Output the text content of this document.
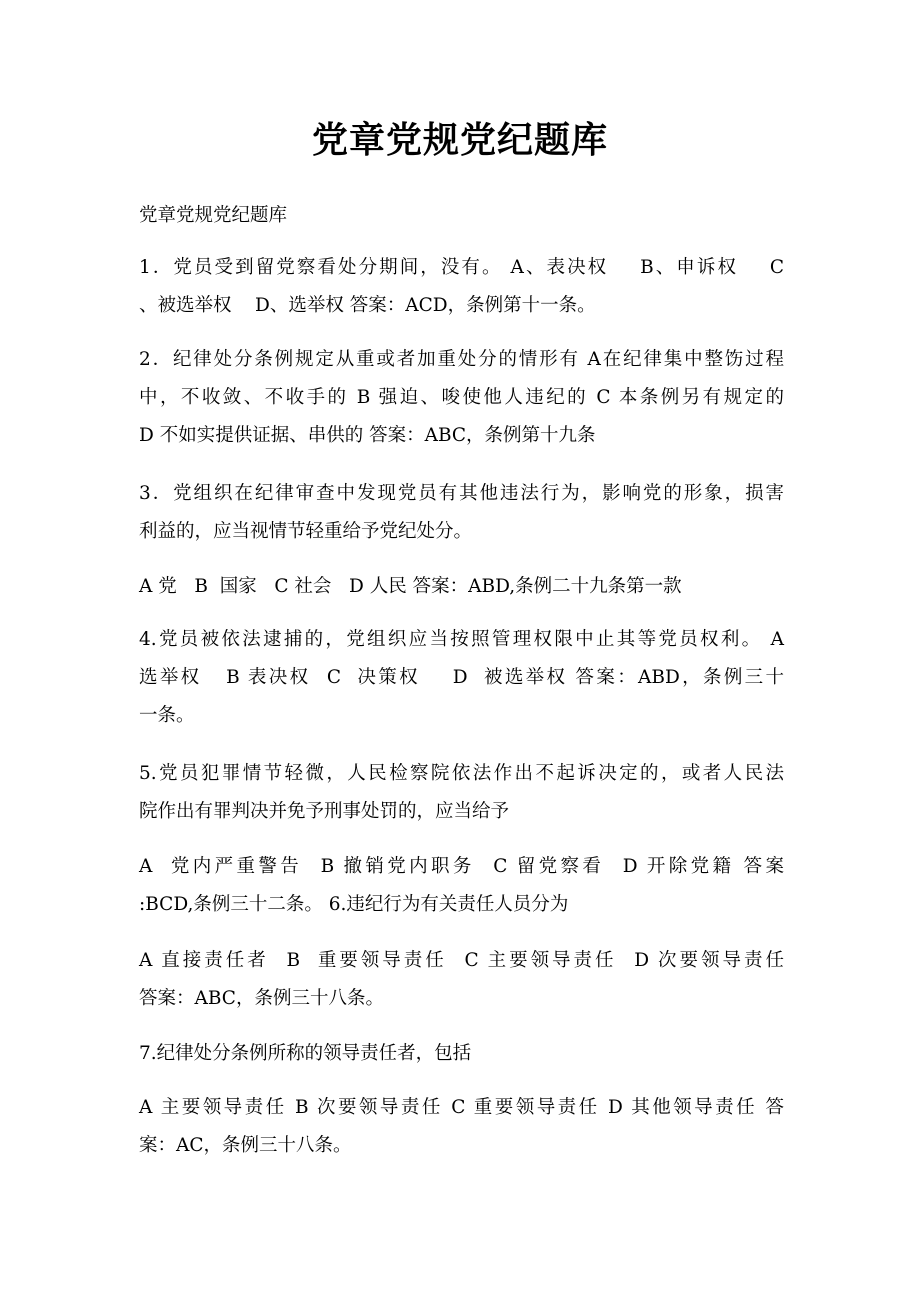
党章党规党纪题库

党章党规党纪题库

1．党员受到留党察看处分期间，没有。 A、表决权    B、申诉权    C
、被选举权    D、选举权 答案：ACD，条例第十一条。

2．纪律处分条例规定从重或者加重处分的情形有 A在纪律集中整饬过程
中，不收敛、不收手的 B 强迫、唆使他人违纪的 C 本条例另有规定的
D 不如实提供证据、串供的 答案：ABC，条例第十九条

3．党组织在纪律审查中发现党员有其他违法行为，影响党的形象，损害
利益的，应当视情节轻重给予党纪处分。

A 党   B  国家   C 社会   D 人民 答案：ABD,条例二十九条第一款

4.党员被依法逮捕的，党组织应当按照管理权限中止其等党员权利。 A
选举权   B 表决权  C  决策权    D  被选举权 答案：ABD，条例三十
一条。

5.党员犯罪情节轻微，人民检察院依法作出不起诉决定的，或者人民法
院作出有罪判决并免予刑事处罚的，应当给予

A  党内严重警告  B 撤销党内职务  C 留党察看  D 开除党籍 答案
:BCD,条例三十二条。 6.违纪行为有关责任人员分为

A 直接责任者  B  重要领导责任  C 主要领导责任  D 次要领导责任
答案：ABC，条例三十八条。

7.纪律处分条例所称的领导责任者，包括

A 主要领导责任 B 次要领导责任 C 重要领导责任 D 其他领导责任 答
案：AC，条例三十八条。
